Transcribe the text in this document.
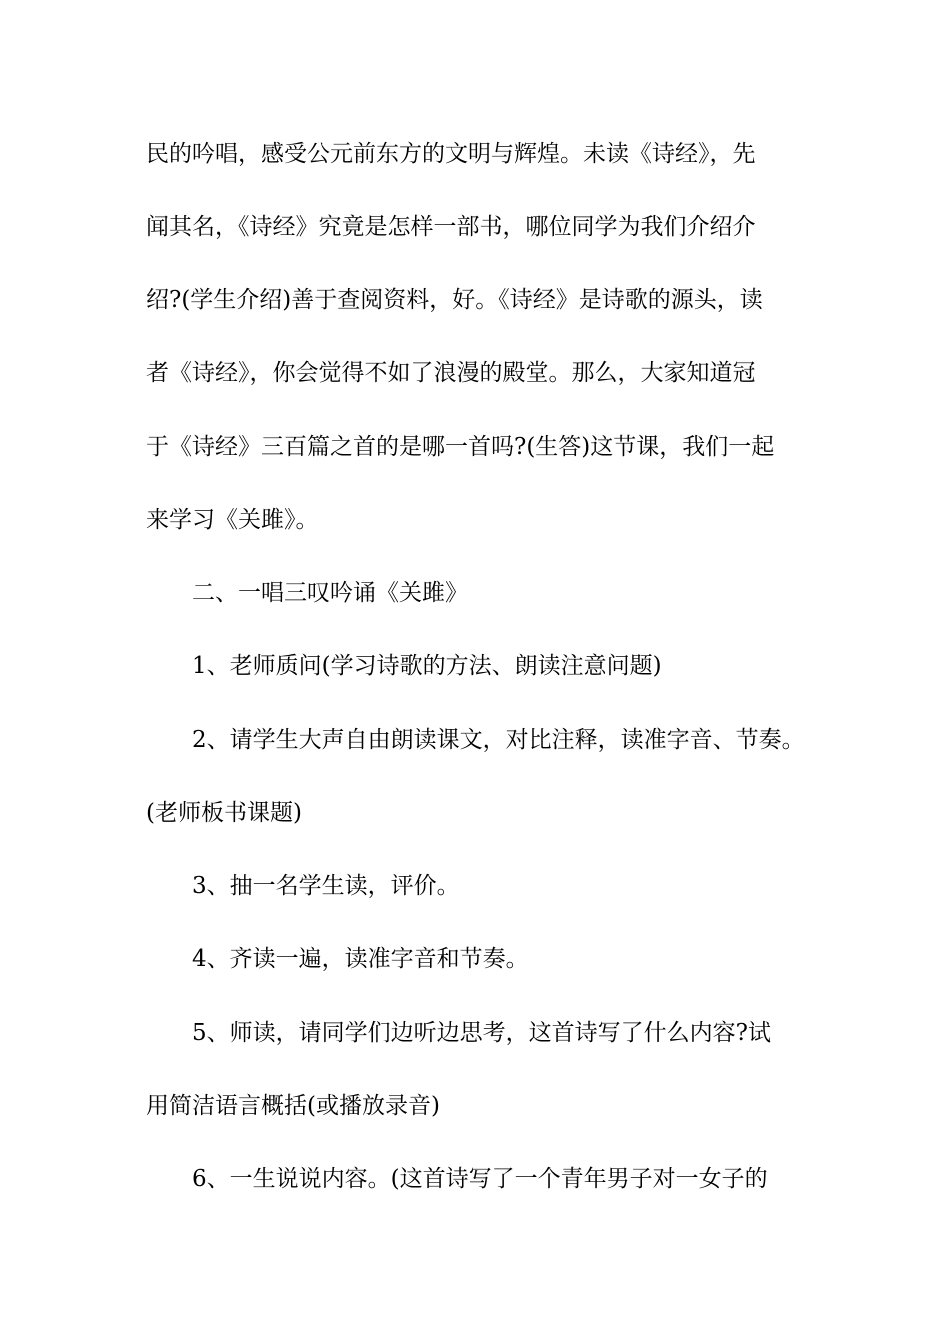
民的吟唱，感受公元前东方的文明与辉煌。未读《诗经》，先
闻其名，《诗经》究竟是怎样一部书，哪位同学为我们介绍介
绍?(学生介绍)善于查阅资料，好。《诗经》是诗歌的源头，读
者《诗经》，你会觉得不如了浪漫的殿堂。那么，大家知道冠
于《诗经》三百篇之首的是哪一首吗?(生答)这节课，我们一起
来学习《关雎》。
二、一唱三叹吟诵《关雎》
1、老师质问(学习诗歌的方法、朗读注意问题)
2、请学生大声自由朗读课文，对比注释，读准字音、节奏。
(老师板书课题)
3、抽一名学生读，评价。
4、齐读一遍，读准字音和节奏。
5、师读，请同学们边听边思考，这首诗写了什么内容?试
用简洁语言概括(或播放录音)
6、一生说说内容。(这首诗写了一个青年男子对一女子的
